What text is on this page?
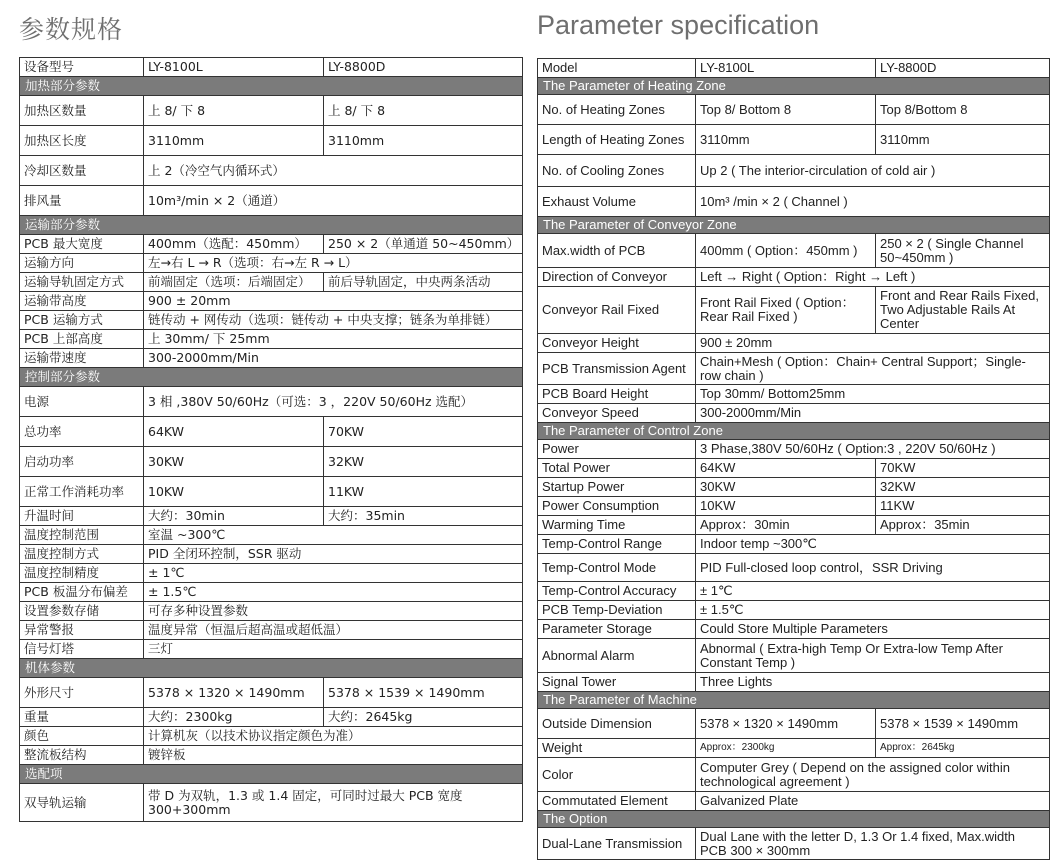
参数规格	Parameter specification
设备型号	LY-8100L	LY-8800D
加热部分参数		
加热区数量	上 8/ 下 8	上 8/ 下 8
加热区长度	3110mm	3110mm
冷却区数量	上 2（冷空气内循环式）	
排风量	10m³/min × 2（通道）	
运输部分参数		
PCB 最大宽度	400mm（选配：450mm）	250 × 2（单通道 50~450mm）
运输方向	左→右 L → R（选项：右→左 R → L）	
运输导轨固定方式	前端固定（选项：后端固定）	前后导轨固定，中央两条活动
运输带高度	900 ± 20mm	
PCB 运输方式	链传动 + 网传动（选项：链传动 + 中央支撑；链条为单排链）	
PCB 上部高度	上 30mm/ 下 25mm	
运输带速度	300-2000mm/Min	
控制部分参数		
电源	3 相 ,380V 50/60Hz（可选：3 ，220V 50/60Hz 选配）	
总功率	64KW	70KW
启动功率	30KW	32KW
正常工作消耗功率	10KW	11KW
升温时间	大约：30min	大约：35min
温度控制范围	室温 ~300℃	
温度控制方式	PID 全闭环控制，SSR 驱动	
温度控制精度	± 1℃	
PCB 板温分布偏差	± 1.5℃	
设置参数存储	可存多种设置参数	
异常警报	温度异常（恒温后超高温或超低温）	
信号灯塔	三灯	
机体参数		
外形尺寸	5378 × 1320 × 1490mm	5378 × 1539 × 1490mm
重量	大约：2300kg	大约：2645kg
颜色	计算机灰（以技术协议指定颜色为准）	
整流板结构	镀锌板	
选配项		
双导轨运输	带 D 为双轨，1.3 或 1.4 固定，可同时过最大 PCB 宽度 300+300mm	
Model	LY-8100L	LY-8800D
The Parameter of Heating Zone		
No. of Heating Zones	Top 8/ Bottom 8	Top 8/Bottom 8
Length of Heating Zones	3110mm	3110mm
No. of Cooling Zones	Up 2 ( The interior-circulation of cold air )	
Exhaust Volume	10m³ /min × 2 ( Channel )	
The Parameter of Conveyor Zone		
Max.width of PCB	400mm ( Option：450mm )	250 × 2 ( Single Channel 50~450mm )
Direction of Conveyor	Left → Right ( Option：Right → Left )	
Conveyor Rail Fixed	Front Rail Fixed ( Option： Rear Rail Fixed )	Front and Rear Rails Fixed, Two Adjustable Rails At Center
Conveyor Height	900 ± 20mm	
PCB Transmission Agent	Chain+Mesh ( Option：Chain+ Central Support；Single-row chain )	
PCB Board Height	Top 30mm/ Bottom25mm	
Conveyor Speed	300-2000mm/Min	
The Parameter of Control Zone		
Power	3 Phase,380V 50/60Hz ( Option:3 , 220V 50/60Hz )	
Total Power	64KW	70KW
Startup Power	30KW	32KW
Power Consumption	10KW	11KW
Warming Time	Approx：30min	Approx：35min
Temp-Control Range	Indoor temp ~300℃	
Temp-Control Mode	PID Full-closed loop control，SSR Driving	
Temp-Control Accuracy	± 1℃	
PCB Temp-Deviation	± 1.5℃	
Parameter Storage	Could Store Multiple Parameters	
Abnormal Alarm	Abnormal ( Extra-high Temp Or Extra-low Temp After Constant Temp )	
Signal Tower	Three Lights	
The Parameter of Machine		
Outside Dimension	5378 × 1320 × 1490mm	5378 × 1539 × 1490mm
Weight	Approx：2300kg	Approx：2645kg
Color	Computer Grey ( Depend on the assigned color within technological agreement )	
Commutated Element	Galvanized Plate	
The Option		
Dual-Lane Transmission	Dual Lane with the letter D, 1.3 Or 1.4 fixed, Max.width PCB 300 × 300mm	
